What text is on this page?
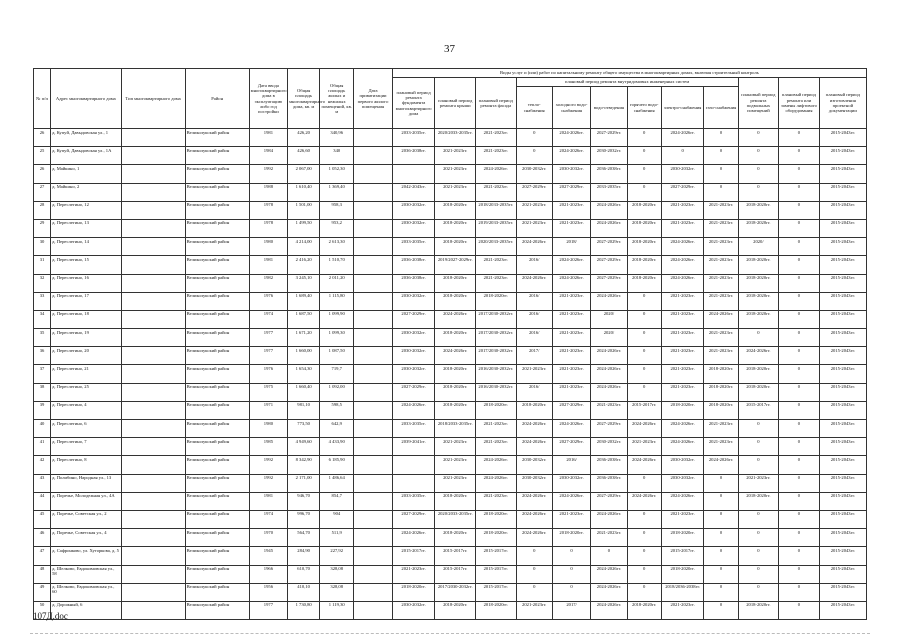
37
№ п/п	Адрес многоквартирного дома	Тип многоквартирного дома	Район	Дата ввода многоквартирного дома в эксплуатацию либо год постройки	Общая площадь многоквартирного дома, кв. м	Общая площадь жилых и нежилых помещений, кв. м	Дата приватизации первого жилого помещения	Виды услуг и (или) работ по капитальному ремонту общего имущества в многоквартирных домах, включая строительный контроль											
								плановый период ремонта фундамента многоквартирного дома	плановый период ремонта крыши	плановый период ремонта фасада	плановый период ремонта внутридомовых инженерных систем						плановый период ремонта подвальных помещений	плановый период ремонта или замены лифтового оборудования	плановый период изготовления проектной документации
											тепло-снабжения	холодного водо-снабжения	водо-отведения	горячего водо-снабжения	электро-снабжения	газо-снабжения			
26	д. Купуй, Давыдовская ул., 1		Великолукский район	1981	426,20	340,96		2033-2035гг.	2020/2033-2035гг.	2021-2023гг.	0	2024-2026гг.	2027-2029гг.	0	2024-2026гг.	0	0	0	2015-2043гг.
25	д. Купуй, Давыдовская ул., 1А		Великолукский район	1984	426,60	340		2036-2038гг.	2021-2023гг.	2021-2023гг.	0	2024-2026гг.	2030-2032гг.	0	0	0	0	0	2015-2043гг.
26	д. Майкино, 1		Великолукский район	1992	2 067,00	1 052,30			2021-2023гг.	2024-2026гг.	2030-2032гг.	2030-2032гг.	2036-2038гг.	0	2030-2032гг.	0	0	0	2015-2043гг.
27	д. Майкино, 2		Великолукский район	1988	1 610,40	1 369,40		2042-2043гг.	2021-2023гг.	2021-2023гг.	2027-2029гг.	2027-2029гг.	2033-2035гг.	0	2027-2029гг.	0	0	0	2015-2043гг.
28	д. Переслегино, 12		Великолукский район	1978	1 501,00	958,3		2030-2032гг.	2018-2020гг.	2018/2033-2035гг.	2021-2023гг.	2021-2023гг.	2024-2026гг.	2018-2020гг.	2021-2023гг.	2021-2023гг.	2018-2020гг.	0	2015-2043гг.
29	д. Переслегино, 13		Великолукский район	1978	1 499,50	953,2		2030-2032гг.	2018-2020гг.	2019/2033-2035гг.	2021-2023гг.	2021-2023гг.	2024-2026гг.	2018-2020гг.	2021-2023гг.	2021-2023гг.	2018-2020гг.	0	2015-2043гг.
30	д. Переслегино, 14		Великолукский район	1980	4 214,00	2 613,30		2033-2035гг.	2018-2020гг.	2020/2033-2035гг.	2024-2026гг.	2018/	2027-2029гг.	2018-2020гг.	2024-2026гг.	2021-2023гг.	2020/	0	2015-2043гг.
31	д. Переслегино, 15		Великолукский район	1981	2 416,20	1 510,70		2036-2038гг.	2019/2027-2029гг.	2021-2023гг.	2016/	2024-2026гг.	2027-2029гг.	2018-2020гг.	2024-2026гг.	2021-2023гг.	2018-2020гг.	0	2015-2043гг.
32	д. Переслегино, 16		Великолукский район	1982	3 245,10	2 011,20		2036-2038гг.	2018-2020гг.	2021-2023гг.	2024-2026гг.	2024-2026гг.	2027-2029гг.	2018-2020гг.	2024-2026гг.	2021-2023гг.	2018-2020гг.	0	2015-2043гг.
33	д. Переслегино, 17		Великолукский район	1976	1 689,40	1 115,80		2030-2032гг.	2018-2020гг.	2018-2020гг.	2016/	2021-2023гг.	2024-2026гг.	0	2021-2023гг.	2021-2023гг.	2018-2020гг.	0	2015-2043гг.
34	д. Переслегино, 18		Великолукский район	1974	1 687,50	1 099,90		2027-2029гг.	2024-2026гг.	2017/2030-2032гг.	2016/	2021-2023гг.	2020/	0	2021-2023гг.	2024-2026гг.	2018-2020гг.	0	2015-2043гг.
35	д. Переслегино, 19		Великолукский район	1977	1 671,20	1 099,30		2030-2032гг.	2018-2020гг.	2017/2030-2032гг.	2016/	2021-2023гг.	2020/	0	2021-2023гг.	2021-2023гг.	0	0	2015-2043гг.
36	д. Переслегино, 20		Великолукский район	1977	1 660,00	1 087,50		2030-2032гг.	2024-2026гг.	2017/2030-2032гг.	2017/	2021-2023гг.	2024-2026гг.	0	2021-2023гг.	2021-2023гг.	2024-2026гг.	0	2015-2043гг.
37	д. Переслегино, 21		Великолукский район	1976	1 654,30	719,7		2030-2032гг.	2018-2020гг.	2016/2030-2032гг.	2021-2023гг.	2021-2023гг.	2024-2026гг.	0	2021-2023гг.	2018-2020гг.	2018-2020гг.	0	2015-2043гг.
38	д. Переслегино, 25		Великолукский район	1975	1 660,40	1 092,00		2027-2029гг.	2018-2020гг.	2016/2030-2032гг.	2016/	2021-2023гг.	2024-2026гг.	0	2021-2023гг.	2018-2020гг.	2018-2020гг.	0	2015-2043гг.
39	д. Переслегино, 4		Великолукский район	1971	981,10	598,5		2024-2026гг.	2018-2020гг.	2018-2020гг.	2018-2020гг.	2027-2029гг.	2021-2023гг.	2015-2017гг.	2018-2020гг.	2018-2020гг.	2015-2017гг.	0	2015-2043гг.
40	д. Переслегино, 6		Великолукский район	1980	773,50	642,9		2033-2035гг.	2018/2033-2035гг.	2021-2023гг.	2024-2026гг.	2024-2026гг.	2027-2029гг.	2024-2026гг.	2024-2026гг.	2021-2023гг.	0	0	2015-2043гг.
41	д. Переслегино, 7		Великолукский район	1985	4 949,60	4 433,90		2039-2041гг.	2021-2023гг.	2021-2023гг.	2024-2026гг.	2027-2029гг.	2030-2032гг.	2021-2023гг.	2024-2026гг.	2021-2023гг.	0	0	2015-2043гг.
42	д. Переслегино, 8		Великолукский район	1992	8 342,90	6 185,90			2021-2023гг.	2024-2026гг.	2030-2032гг.	2016/	2036-2038гг.	2024-2026гг.	2030-2032гг.	2024-2026гг.	0	0	2015-2043гг.
43	д. Полибино, Народная ул., 13		Великолукский район	1992	2 171,00	1 486,64			2021-2023гг.	2024-2026гг.	2030-2032гг.	2030-2032гг.	2036-2038гг.	0	2030-2032гг.	0	2021-2023гг.	0	2015-2043гг.
44	д. Поречье, Молодежная ул., 4А		Великолукский район	1981	946,70	854,7		2033-2035гг.	2018-2020гг.	2021-2023гг.	2024-2026гг.	2024-2026гг.	2027-2029гг.	2024-2026гг.	2024-2026гг.	0	2018-2020гг.	0	2015-2043гг.
45	д. Поречье, Советская ул., 2		Великолукский район	1974	996,70	904		2027-2029гг.	2020/2033-2035гг.	2018-2020гг.	2024-2026гг.	2021-2023гг.	2024-2026гг.	0	2021-2023гг.	0	0	0	2015-2043гг.
46	д. Поречье, Советская ул., 4		Великолукский район	1970	564,70	511,9		2024-2026гг.	2018-2020гг.	2018-2020гг.	2024-2026гг.	2018-2020гг.	2021-2023гг.	0	2018-2020гг.	0	0	0	2015-2043гг.
47	д. Сафронково, ул. Хуторкова, д. 5		Великолукский район	1945	284,90	227,92		2015-2017гг.	2015-2017гг.	2015-2017гг.	0	0	0	0	2015-2017гг.	0	0	0	2015-2043гг.
48	д. Шелково, Евдокимовская ул., 58		Великолукский район	1966	610,70	328,08		2021-2023гг.	2015-2017гг.	2015-2017гг.	0	0	2024-2026гг.	0	2018-2020гг.	0	0	0	2015-2043гг.
49	д. Шелково, Евдокимовская ул., 60		Великолукский район	1956	410,10	328,08		2018-2020гг.	2017/2030-2032гг.	2015-2017гг.	0	0	2024-2026гг.	0	2018/2036-2038гг.	0	0	0	2015-2043гг.
50	д. Дорожный, 6		Великолукский район	1977	1 730,80	1 119,30		2030-2032гг.	2018-2020гг.	2018-2020гг.	2021-2023гг.	2017/	2024-2026гг.	2018-2020гг.	2021-2023гг.	0	2018-2020гг.	0	2015-2043гг.
107Д.doc
